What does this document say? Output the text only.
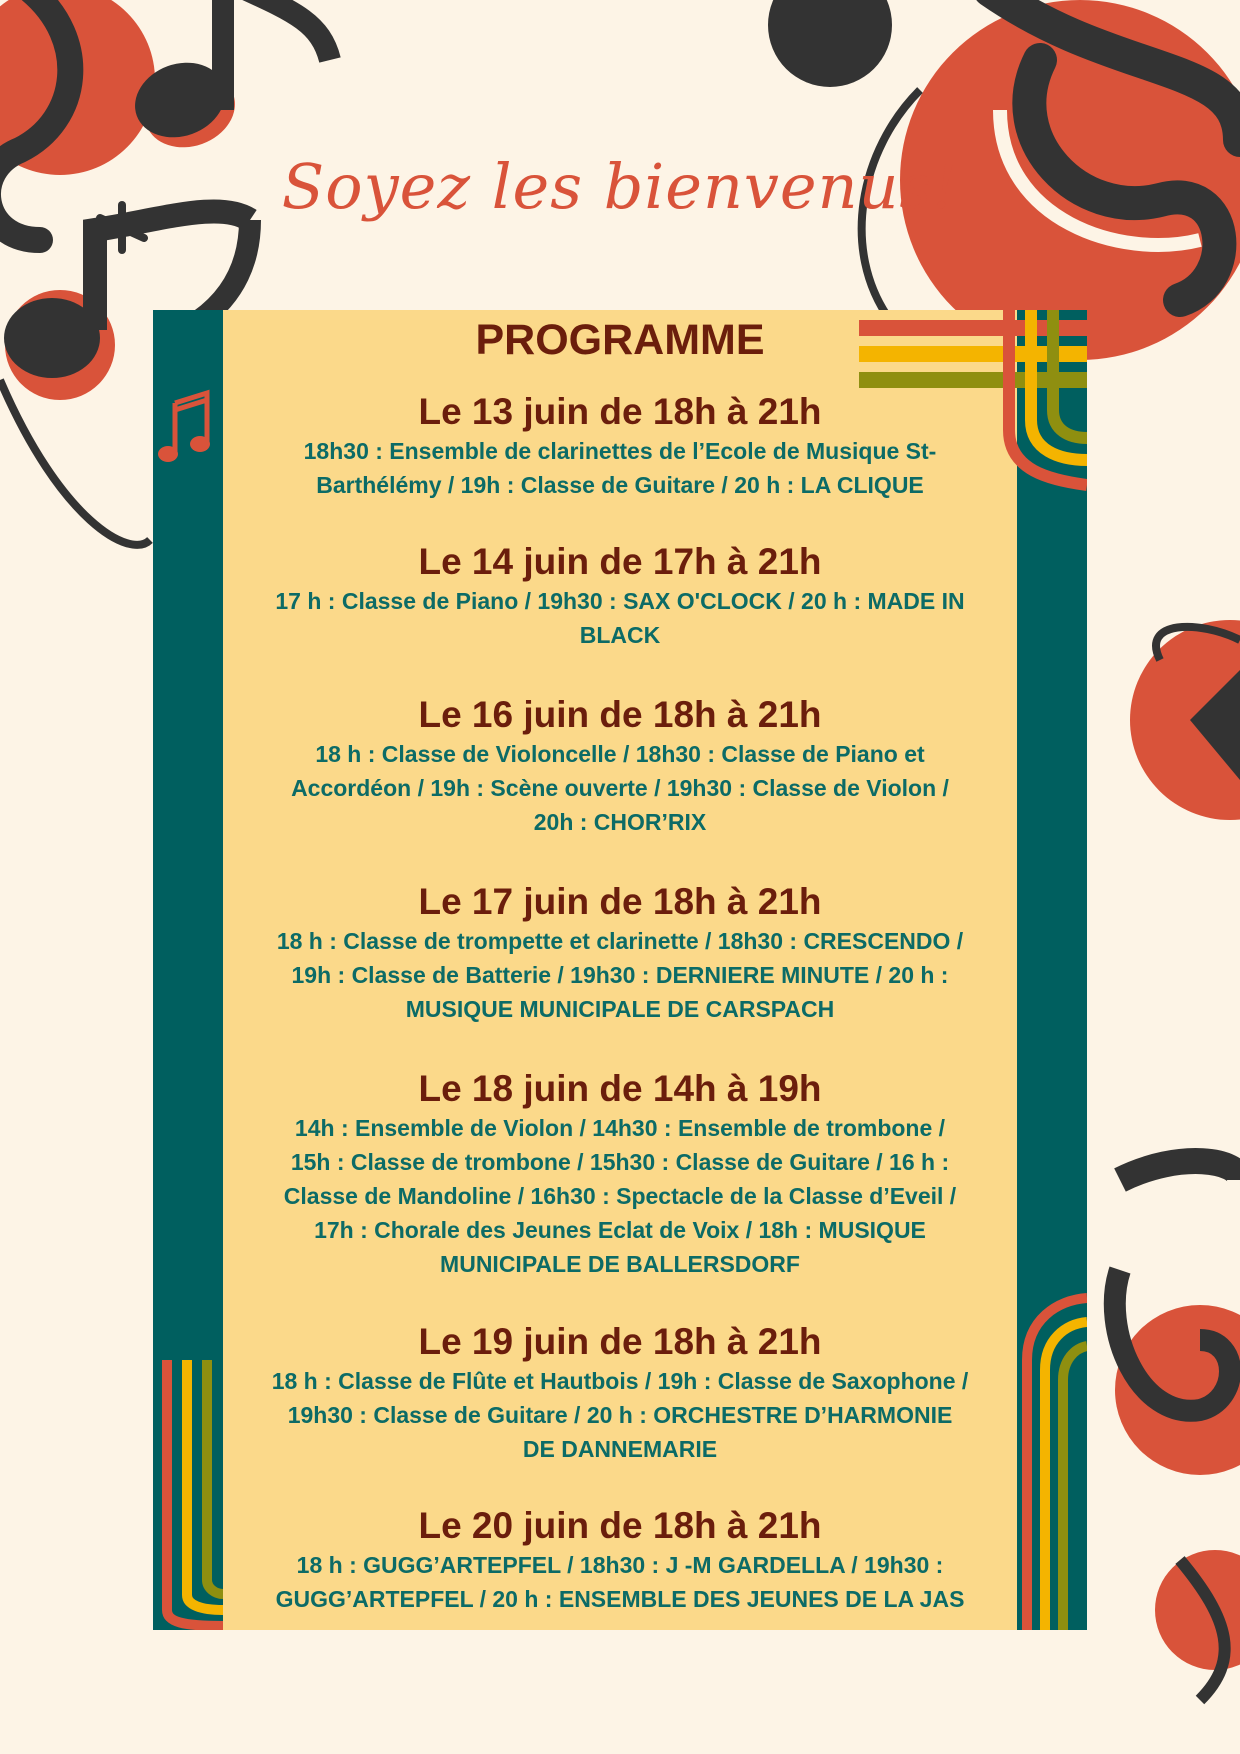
Soyez les bienvenus!
PROGRAMME
Le 13 juin de 18h à 21h
18h30 : Ensemble de clarinettes de l’Ecole de Musique St-
Barthélémy / 19h : Classe de Guitare / 20 h : LA CLIQUE
Le 14 juin de 17h à 21h
17 h : Classe de Piano / 19h30 : SAX O'CLOCK / 20 h : MADE IN
BLACK
Le 16 juin de 18h à 21h
18 h : Classe de Violoncelle / 18h30 : Classe de Piano et
Accordéon / 19h : Scène ouverte / 19h30 : Classe de Violon /
20h : CHOR’RIX
Le 17 juin de 18h à 21h
18 h : Classe de trompette et clarinette / 18h30 : CRESCENDO /
19h : Classe de Batterie / 19h30 : DERNIERE MINUTE / 20 h :
MUSIQUE MUNICIPALE DE CARSPACH
Le 18 juin de 14h à 19h
14h : Ensemble de Violon / 14h30 : Ensemble de trombone /
15h : Classe de trombone / 15h30 : Classe de Guitare / 16 h :
Classe de Mandoline / 16h30 : Spectacle de la Classe d’Eveil /
17h : Chorale des Jeunes Eclat de Voix / 18h : MUSIQUE
MUNICIPALE DE BALLERSDORF
Le 19 juin de 18h à 21h
18 h : Classe de Flûte et Hautbois / 19h : Classe de Saxophone /
19h30 : Classe de Guitare / 20 h : ORCHESTRE D’HARMONIE
DE DANNEMARIE
Le 20 juin de 18h à 21h
18 h : GUGG’ARTEPFEL / 18h30 : J -M GARDELLA / 19h30 :
GUGG’ARTEPFEL / 20 h : ENSEMBLE DES JEUNES DE LA JAS
